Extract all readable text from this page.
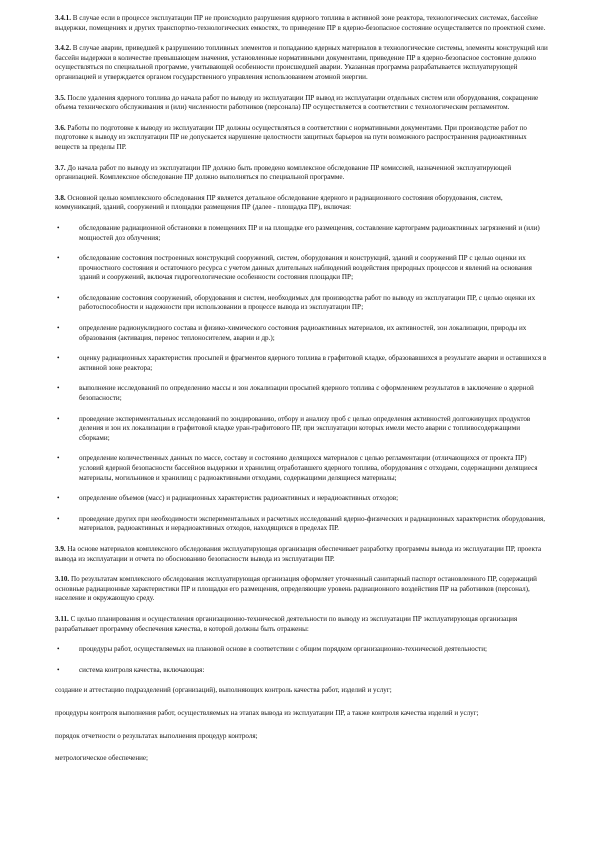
3.4.1. В случае если в процессе эксплуатации ПР не происходило разрушения ядерного топлива в активной зоне реактора, технологических системах, бассейне выдержки, помещениях и других транспортно-технологических емкостях, то приведение ПР в ядерно-безопасное состояние осуществляется по проектной схеме.

3.4.2. В случае аварии, приведшей к разрушению топливных элементов и попаданию ядерных материалов в технологические системы, элементы конструкций или бассейн выдержки в количестве превышающем значения, установленные нормативными документами, приведение ПР в ядерно-безопасное состояние должно осуществляться по специальной программе, учитывающей особенности происшедшей аварии. Указанная программа разрабатывается эксплуатирующей организацией и утверждается органом государственного управления использованием атомной энергии.

3.5. После удаления ядерного топлива до начала работ по выводу из эксплуатации ПР вывод из эксплуатации отдельных систем или оборудования, сокращение объема технического обслуживания и (или) численности работников (персонала) ПР осуществляется в соответствии с технологическим регламентом.

3.6. Работы по подготовке к выводу из эксплуатации ПР должны осуществляться в соответствии с нормативными документами. При производстве работ по подготовке к выводу из эксплуатации ПР не допускается нарушение целостности защитных барьеров на пути возможного распространения радиоактивных веществ за пределы ПР.

3.7. До начала работ по выводу из эксплуатации ПР должно быть проведено комплексное обследование ПР комиссией, назначенной эксплуатирующей организацией. Комплексное обследование ПР должно выполняться по специальной программе.

3.8. Основной целью комплексного обследования ПР является детальное обследование ядерного и радиационного состояния оборудования, систем, коммуникаций, зданий, сооружений и площадки размещения ПР (далее - площадка ПР), включая:

•	обследование радиационной обстановки в помещениях ПР и на площадке его размещения, составление картограмм радиоактивных загрязнений и (или) мощностей доз облучения;
•	обследование состояния построенных конструкций сооружений, систем, оборудования и конструкций, зданий и сооружений ПР с целью оценки их прочностного состояния и остаточного ресурса с учетом данных длительных наблюдений воздействия природных процессов и явлений на основания зданий и сооружений, включая гидрогеологические особенности состояния площадки ПР;
•	обследование состояния сооружений, оборудования и систем, необходимых для производства работ по выводу из эксплуатации ПР, с целью оценки их работоспособности и надежности при использовании в процессе вывода из эксплуатации ПР;
•	определение радионуклидного состава и физико-химического состояния радиоактивных материалов, их активностей, зон локализации, природы их образования (активация, перенос теплоносителем, аварии и др.);
•	оценку радиационных характеристик просыпей и фрагментов ядерного топлива в графитовой кладке, образовавшихся в результате аварии и оставшихся в активной зоне реактора;
•	выполнение исследований по определению массы и зон локализации просыпей ядерного топлива с оформлением результатов в заключение о ядерной безопасности;
•	проведение экспериментальных исследований по зондированию, отбору и анализу проб с целью определения активностей долгоживущих продуктов деления и зон их локализации в графитовой кладке уран-графитового ПР, при эксплуатации которых имели место аварии с топливосодержащими сборками;
•	определение количественных данных по массе, составу и состоянию делящихся материалов с целью регламентации (отличающихся от проекта ПР) условий ядерной безопасности бассейнов выдержки и хранилищ отработавшего ядерного топлива, оборудования с отходами, содержащими делящиеся материалы, могильников и хранилищ с радиоактивными отходами, содержащими делящиеся материалы;
•	определение объемов (масс) и радиационных характеристик радиоактивных и нерадиоактивных отходов;
•	проведение других при необходимости экспериментальных и расчетных исследований ядерно-физических и радиационных характеристик оборудования, материалов, радиоактивных и нерадиоактивных отходов, находящихся в пределах ПР.

3.9. На основе материалов комплексного обследования эксплуатирующая организация обеспечивает разработку программы вывода из эксплуатации ПР, проекта вывода из эксплуатации и отчета по обоснованию безопасности вывода из эксплуатации ПР.

3.10. По результатам комплексного обследования эксплуатирующая организация оформляет уточненный санитарный паспорт остановленного ПР, содержащий основные радиационные характеристики ПР и площадки его размещения, определяющие уровень радиационного воздействия ПР на работников (персонал), население и окружающую среду.

3.11. С целью планирования и осуществления организационно-технической деятельности по выводу из эксплуатации ПР эксплуатирующая организация разрабатывает программу обеспечения качества, в которой должны быть отражены:

•	процедуры работ, осуществляемых на плановой основе в соответствии с общим порядком организационно-технической деятельности;
•	система контроля качества, включающая:

создание и аттестацию подразделений (организаций), выполняющих контроль качества работ, изделий и услуг;

процедуры контроля выполнения работ, осуществляемых на этапах вывода из эксплуатации ПР, а также контроля качества изделий и услуг;

порядок отчетности о результатах выполнения процедур контроля;

метрологическое обеспечение;
